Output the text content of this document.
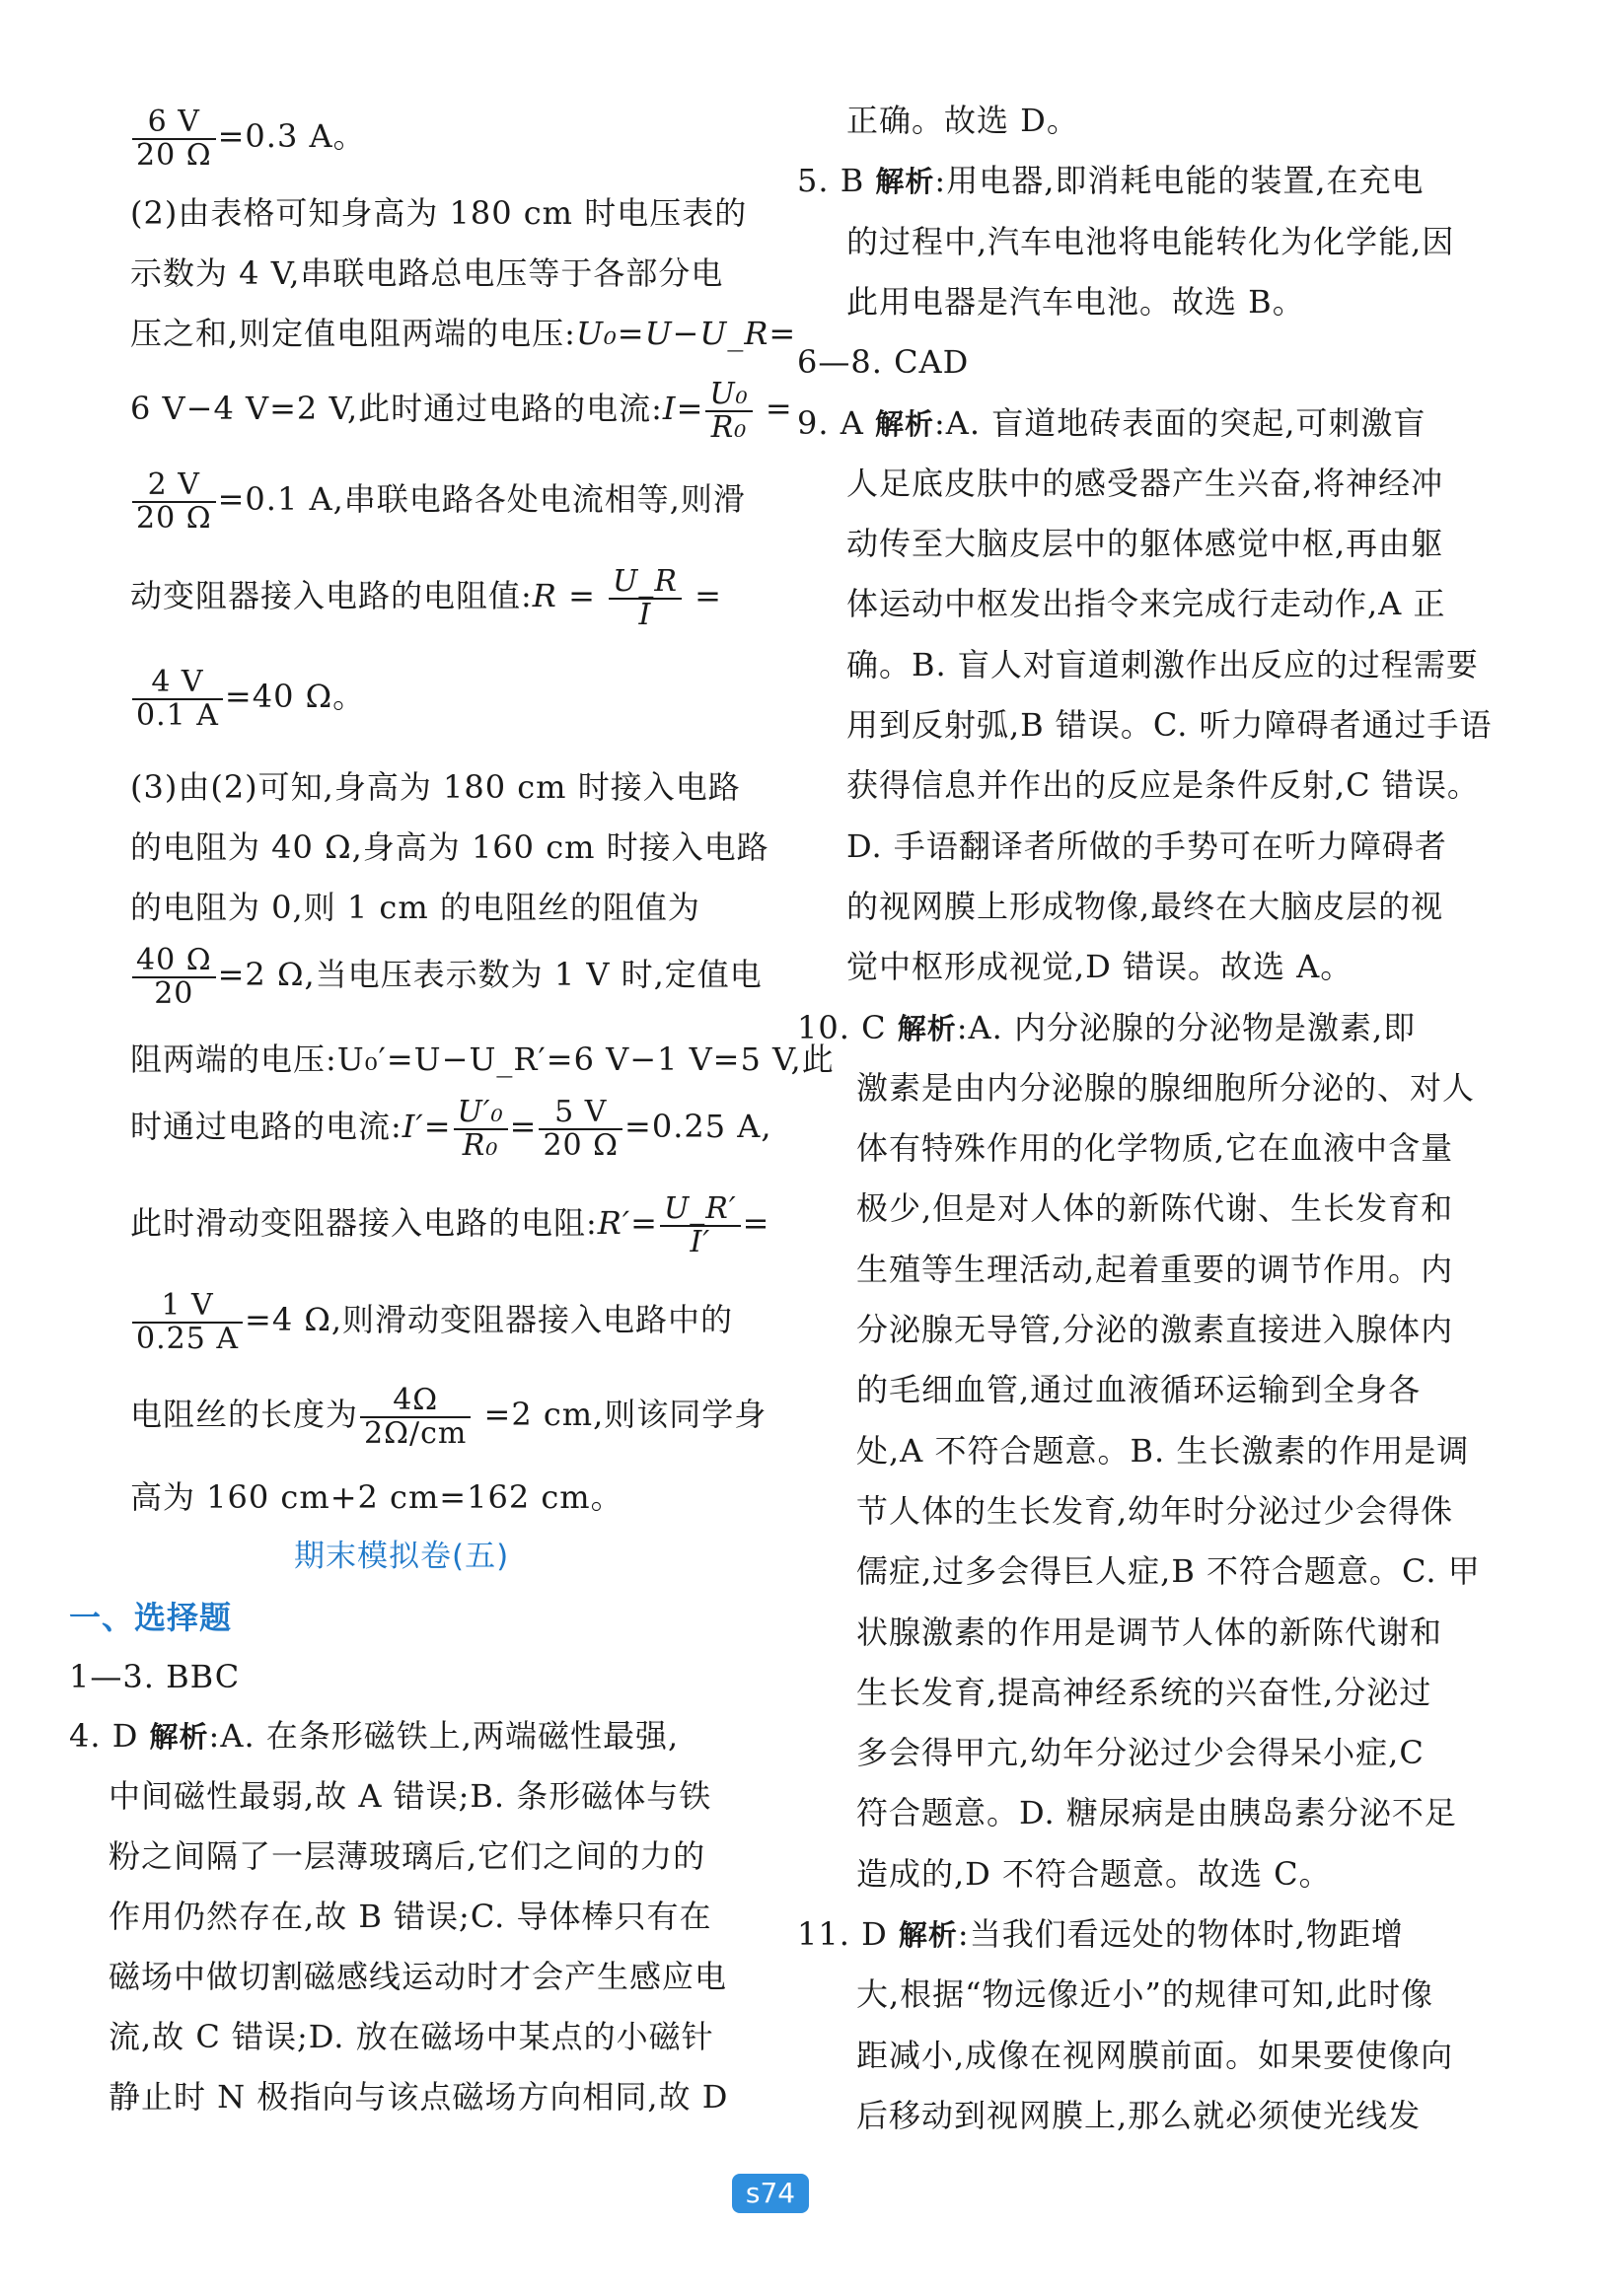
$\frac{6 V}{20 \Omega} =0.3$ A。
(2)由表格可知身高为 180 cm 时电压表的
示数为 4 V,串联电路总电压等于各部分电
压之和,则定值电阻两端的电压:U₀=U−U_R=
6 V−4 V=2 V,此时通过电路的电流:I= $\frac{\text{U₀}}{\text{R₀}}$ =
$\frac{2 V}{20 \Omega} =0.1$ A,串联电路各处电流相等,则滑
动变阻器接入电路的电阻值:R = $\frac{U\_R}{I}$ =
$\frac{4 V}{0.1 A} =40$ Ω。
(3)由(2)可知,身高为 180 cm 时接入电路
的电阻为 40 Ω,身高为 160 cm 时接入电路
的电阻为 0,则 1 cm 的电阻丝的阻值为
$\frac{40 \Omega}{20} =2$ Ω,当电压表示数为 1 V 时,定值电
阻两端的电压:U₀′=U−U_R′=6 V−1 V=5 V,此
时通过电路的电流:I′= $\frac{\text{U′₀}}{\text{R₀}} = \frac{5 V}{20 \Omega} =0.25$ A,
此时滑动变阻器接入电路的电阻:R′= $\frac{U\_R'}{I'}$ =
$\frac{1 V}{0.25 A} =4$ Ω,则滑动变阻器接入电路中的
电阻丝的长度为 $\frac{4\Omega}{2\Omega/cm} =2$ cm,则该同学身
高为 160 cm+2 cm=162 cm。
期末模拟卷(五)
一、选择题
1—3. BBC
4. D 解析:A. 在条形磁铁上,两端磁性最强,
中间磁性最弱,故 A 错误;B. 条形磁体与铁
粉之间隔了一层薄玻璃后,它们之间的力的
作用仍然存在,故 B 错误;C. 导体棒只有在
磁场中做切割磁感线运动时才会产生感应电
流,故 C 错误;D. 放在磁场中某点的小磁针
静止时 N 极指向与该点磁场方向相同,故 D
正确。故选 D。
5. B 解析:用电器,即消耗电能的装置,在充电
的过程中,汽车电池将电能转化为化学能,因
此用电器是汽车电池。故选 B。
6—8. CAD
9. A 解析:A. 盲道地砖表面的突起,可刺激盲
人足底皮肤中的感受器产生兴奋,将神经冲
动传至大脑皮层中的躯体感觉中枢,再由躯
体运动中枢发出指令来完成行走动作,A 正
确。B. 盲人对盲道刺激作出反应的过程需要
用到反射弧,B 错误。C. 听力障碍者通过手语
获得信息并作出的反应是条件反射,C 错误。
D. 手语翻译者所做的手势可在听力障碍者
的视网膜上形成物像,最终在大脑皮层的视
觉中枢形成视觉,D 错误。故选 A。
10. C 解析:A. 内分泌腺的分泌物是激素,即
激素是由内分泌腺的腺细胞所分泌的、对人
体有特殊作用的化学物质,它在血液中含量
极少,但是对人体的新陈代谢、生长发育和
生殖等生理活动,起着重要的调节作用。内
分泌腺无导管,分泌的激素直接进入腺体内
的毛细血管,通过血液循环运输到全身各
处,A 不符合题意。B. 生长激素的作用是调
节人体的生长发育,幼年时分泌过少会得侏
儒症,过多会得巨人症,B 不符合题意。C. 甲
状腺激素的作用是调节人体的新陈代谢和
生长发育,提高神经系统的兴奋性,分泌过
多会得甲亢,幼年分泌过少会得呆小症,C
符合题意。D. 糖尿病是由胰岛素分泌不足
造成的,D 不符合题意。故选 C。
11. D 解析:当我们看远处的物体时,物距增
大,根据“物远像近小”的规律可知,此时像
距减小,成像在视网膜前面。如果要使像向
后移动到视网膜上,那么就必须使光线发
s74
